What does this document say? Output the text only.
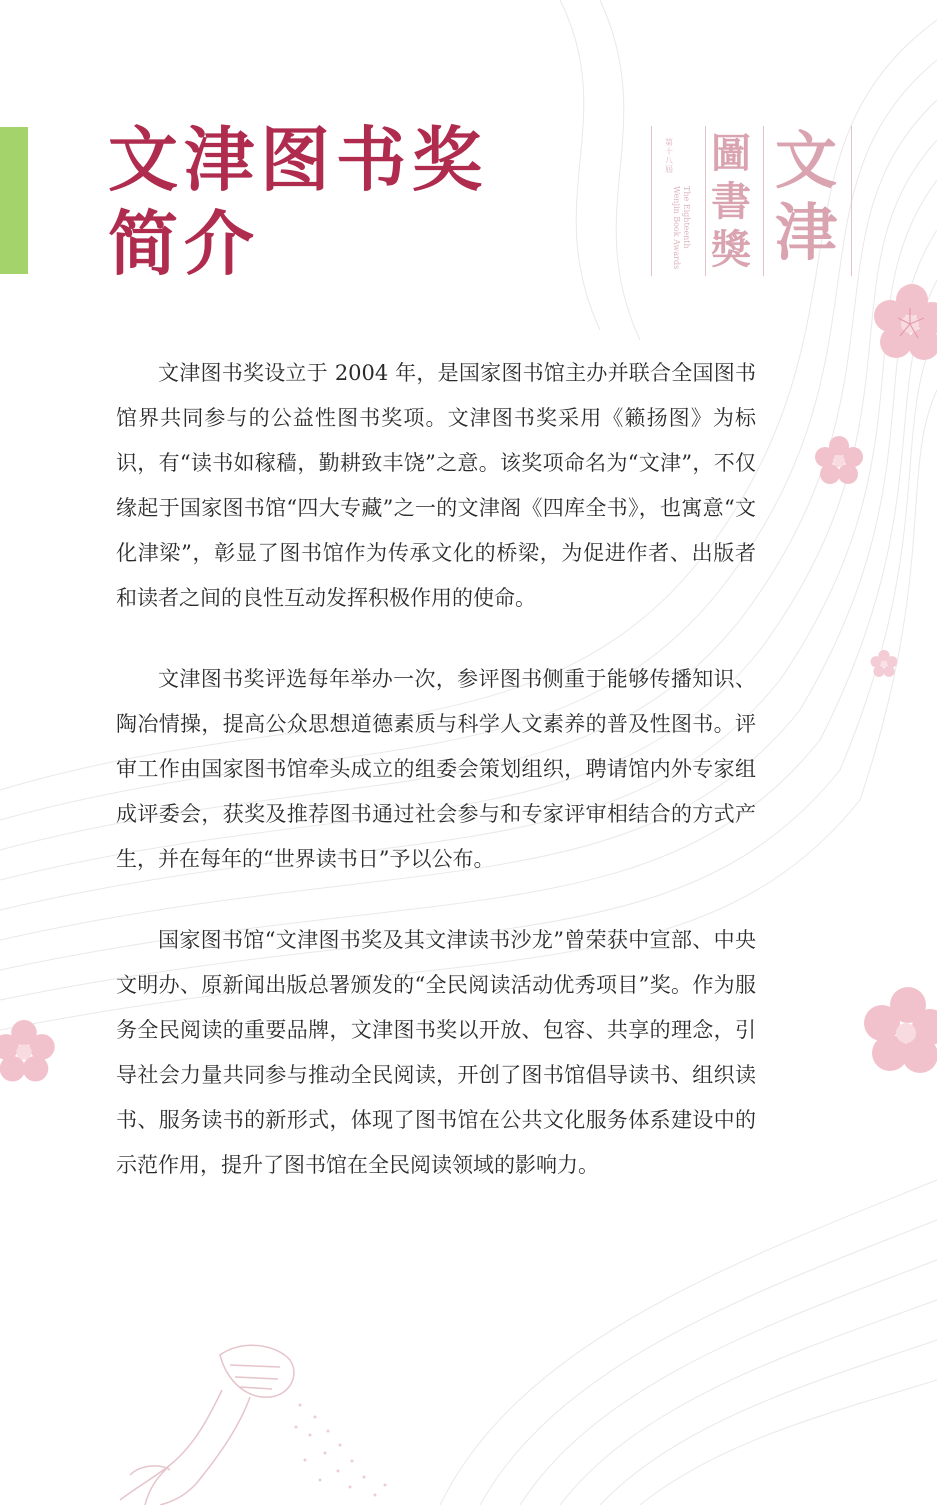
文津图书奖
简介
第十八屆
The Eighteenth
Wenjin Book Awards
圖
書
獎
文
津

文津图书奖设立于 2004 年，是国家图书馆主办并联合全国图书馆界共同参与的公益性图书奖项。文津图书奖采用《籁扬图》为标识，有“读书如稼穑，勤耕致丰饶”之意。该奖项命名为“文津”，不仅缘起于国家图书馆“四大专藏”之一的文津阁《四库全书》，也寓意“文化津梁”，彰显了图书馆作为传承文化的桥梁，为促进作者、出版者和读者之间的良性互动发挥积极作用的使命。

文津图书奖评选每年举办一次，参评图书侧重于能够传播知识、陶冶情操，提高公众思想道德素质与科学人文素养的普及性图书。评审工作由国家图书馆牵头成立的组委会策划组织，聘请馆内外专家组成评委会，获奖及推荐图书通过社会参与和专家评审相结合的方式产生，并在每年的“世界读书日”予以公布。

国家图书馆“文津图书奖及其文津读书沙龙”曾荣获中宣部、中央文明办、原新闻出版总署颁发的“全民阅读活动优秀项目”奖。作为服务全民阅读的重要品牌，文津图书奖以开放、包容、共享的理念，引导社会力量共同参与推动全民阅读，开创了图书馆倡导读书、组织读书、服务读书的新形式，体现了图书馆在公共文化服务体系建设中的示范作用，提升了图书馆在全民阅读领域的影响力。
